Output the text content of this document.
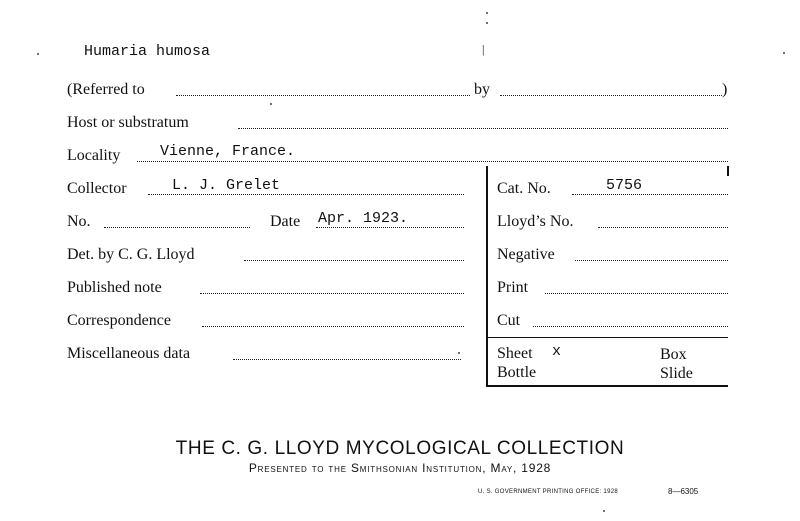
Humaria humosa	|
(Referred to	by	)
Host or substratum
Locality	Vienne, France.
Collector	L. J. Grelet
No.	Date Apr. 1923.
Det. by C. G. Lloyd
Published note
Correspondence
Miscellaneous data
Cat. No.	5756
Lloyd’s No.
Negative
Print
Cut
Sheet x	Box
Bottle	Slide
THE C. G. LLOYD MYCOLOGICAL COLLECTION
Presented to the Smithsonian Institution, May, 1928
U. S. GOVERNMENT PRINTING OFFICE: 1928	8—6305
